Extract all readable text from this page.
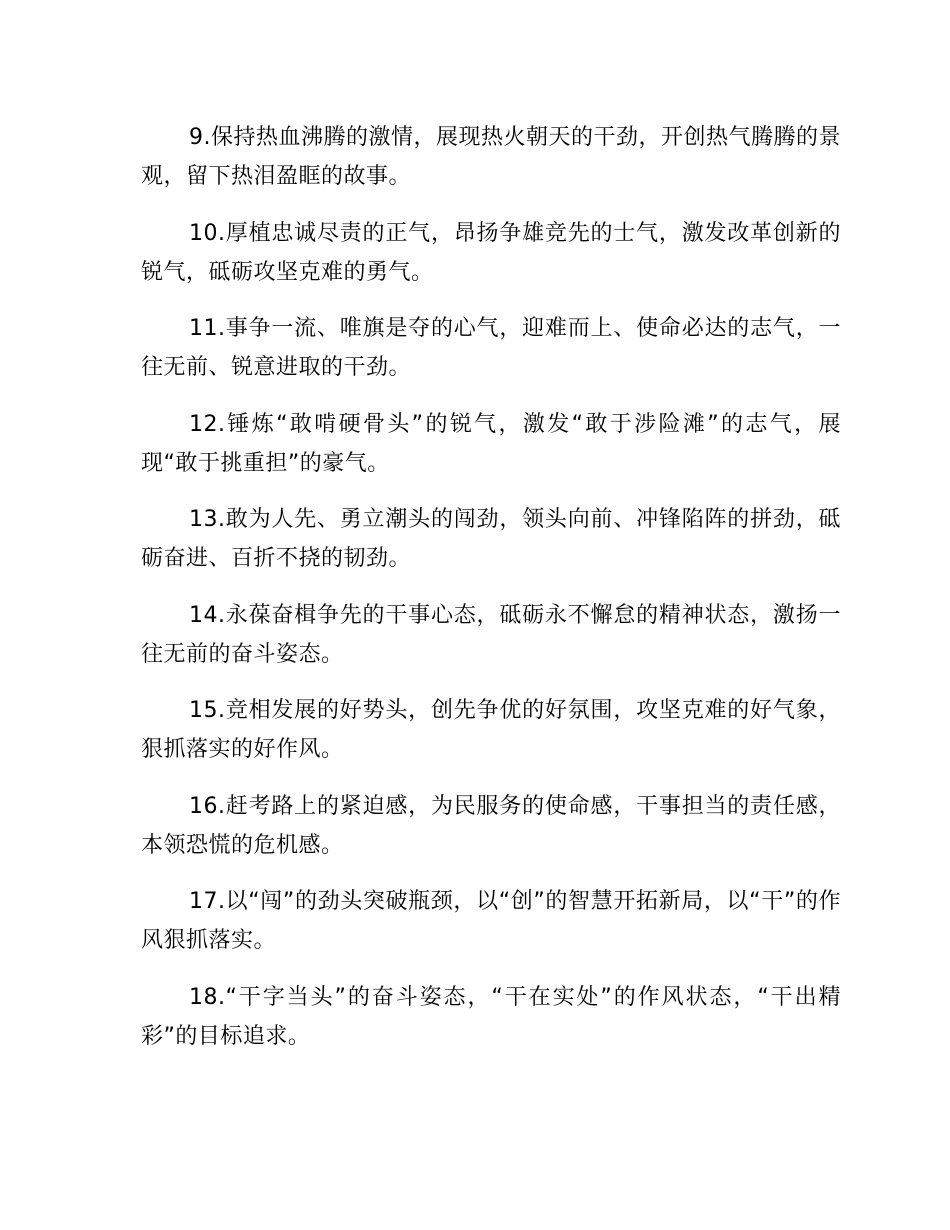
9.保持热血沸腾的激情，展现热火朝天的干劲，开创热气腾腾的景观，留下热泪盈眶的故事。

10.厚植忠诚尽责的正气，昂扬争雄竞先的士气，激发改革创新的锐气，砥砺攻坚克难的勇气。

11.事争一流、唯旗是夺的心气，迎难而上、使命必达的志气，一往无前、锐意进取的干劲。

12.锤炼“敢啃硬骨头”的锐气，激发“敢于涉险滩”的志气，展现“敢于挑重担”的豪气。

13.敢为人先、勇立潮头的闯劲，领头向前、冲锋陷阵的拼劲，砥砺奋进、百折不挠的韧劲。

14.永葆奋楫争先的干事心态，砥砺永不懈怠的精神状态，激扬一往无前的奋斗姿态。

15.竞相发展的好势头，创先争优的好氛围，攻坚克难的好气象，狠抓落实的好作风。

16.赶考路上的紧迫感，为民服务的使命感，干事担当的责任感，本领恐慌的危机感。

17.以“闯”的劲头突破瓶颈，以“创”的智慧开拓新局，以“干”的作风狠抓落实。

18.“干字当头”的奋斗姿态，“干在实处”的作风状态，“干出精彩”的目标追求。
